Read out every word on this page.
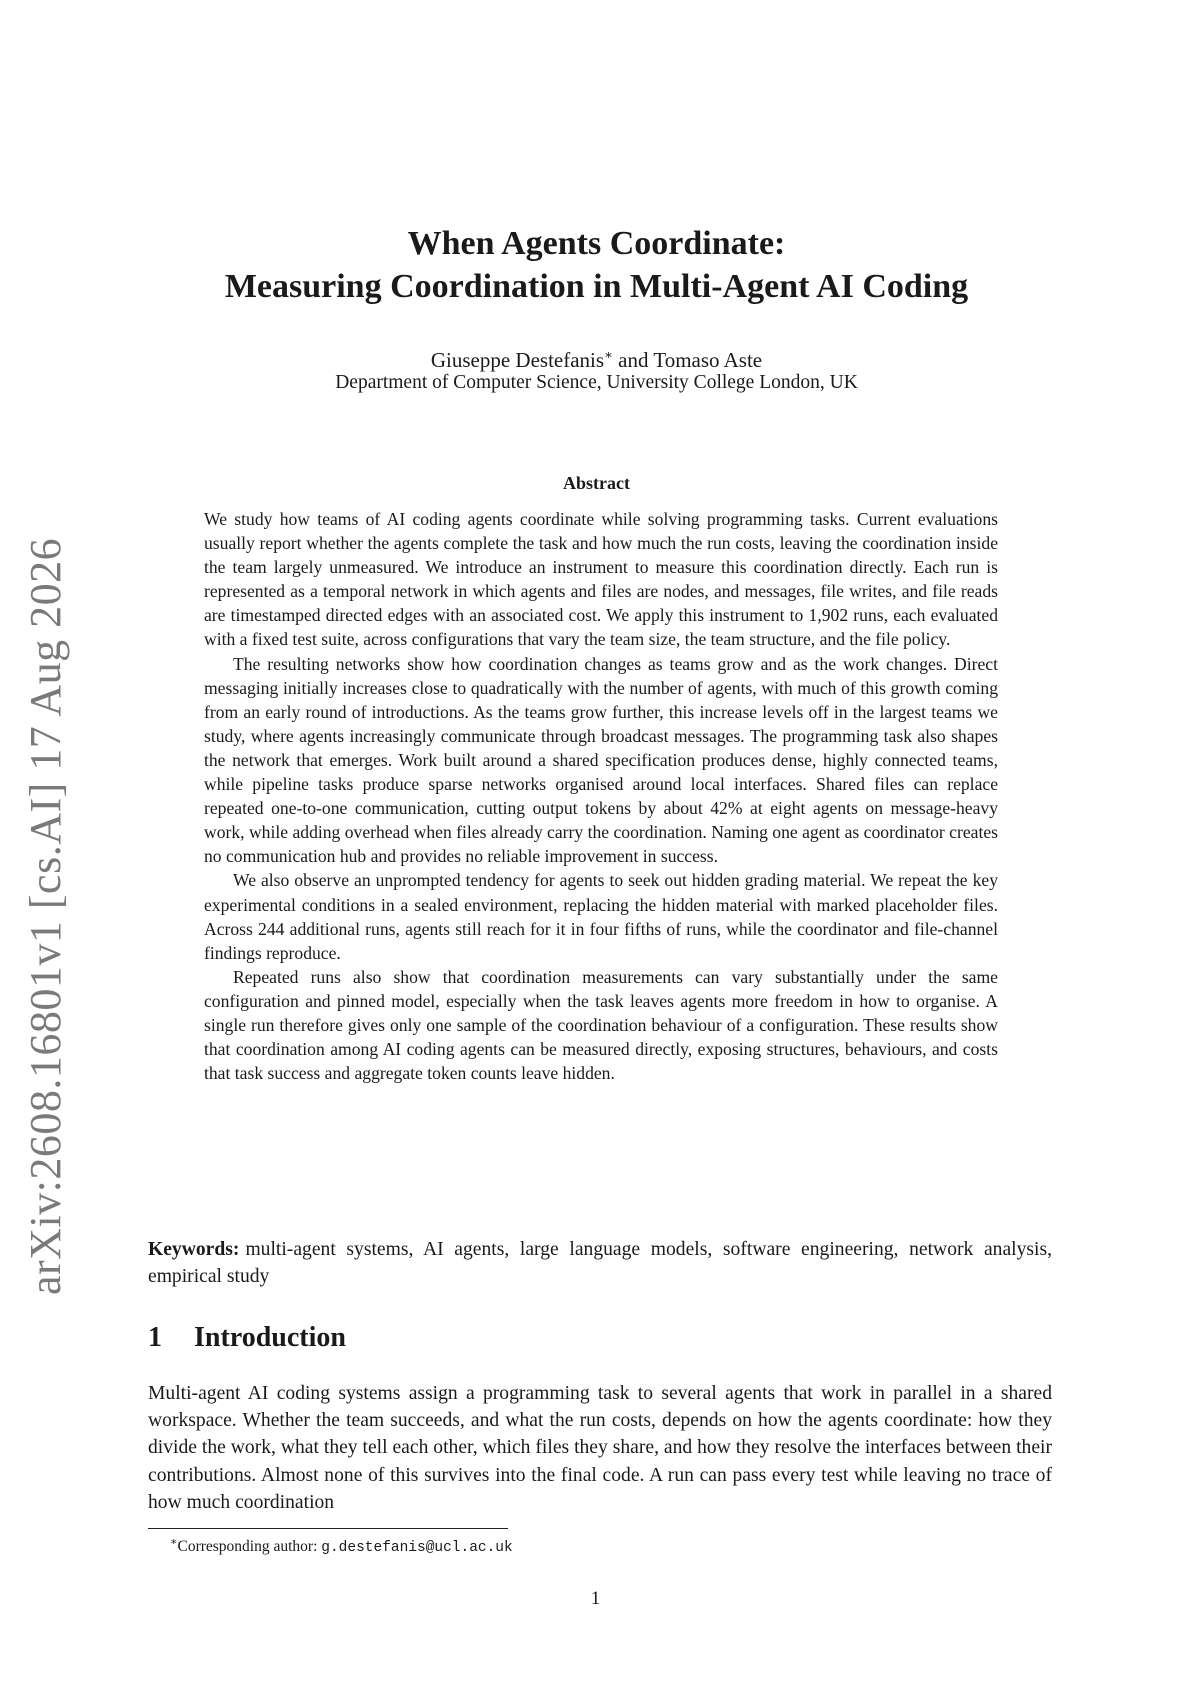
arXiv:2608.16801v1 [cs.AI] 17 Aug 2026
When Agents Coordinate:
Measuring Coordination in Multi-Agent AI Coding
Giuseppe Destefanis∗ and Tomaso Aste
Department of Computer Science, University College London, UK
Abstract

We study how teams of AI coding agents coordinate while solving programming tasks. Current evaluations usually report whether the agents complete the task and how much the run costs, leaving the coordination inside the team largely unmeasured. We introduce an instrument to measure this coordination directly. Each run is represented as a temporal network in which agents and files are nodes, and messages, file writes, and file reads are timestamped directed edges with an associated cost. We apply this instrument to 1,902 runs, each evaluated with a fixed test suite, across configurations that vary the team size, the team structure, and the file policy.

The resulting networks show how coordination changes as teams grow and as the work changes. Direct messaging initially increases close to quadratically with the number of agents, with much of this growth coming from an early round of introductions. As the teams grow further, this increase levels off in the largest teams we study, where agents increasingly communicate through broadcast messages. The programming task also shapes the network that emerges. Work built around a shared specification produces dense, highly connected teams, while pipeline tasks produce sparse networks organised around local interfaces. Shared files can replace repeated one-to-one communication, cutting output tokens by about 42% at eight agents on message-heavy work, while adding overhead when files already carry the coordination. Naming one agent as coordinator creates no communication hub and provides no reliable improvement in success.

We also observe an unprompted tendency for agents to seek out hidden grading material. We repeat the key experimental conditions in a sealed environment, replacing the hidden material with marked placeholder files. Across 244 additional runs, agents still reach for it in four fifths of runs, while the coordinator and file-channel findings reproduce.

Repeated runs also show that coordination measurements can vary substantially under the same configuration and pinned model, especially when the task leaves agents more freedom in how to organise. A single run therefore gives only one sample of the coordination behaviour of a configuration. These results show that coordination among AI coding agents can be measured directly, exposing structures, behaviours, and costs that task success and aggregate token counts leave hidden.

Keywords: multi-agent systems, AI agents, large language models, software engineering, network analysis, empirical study

1 Introduction

Multi-agent AI coding systems assign a programming task to several agents that work in parallel in a shared workspace. Whether the team succeeds, and what the run costs, depends on how the agents coordinate: how they divide the work, what they tell each other, which files they share, and how they resolve the interfaces between their contributions. Almost none of this survives into the final code. A run can pass every test while leaving no trace of how much coordination

∗Corresponding author: g.destefanis@ucl.ac.uk
1
